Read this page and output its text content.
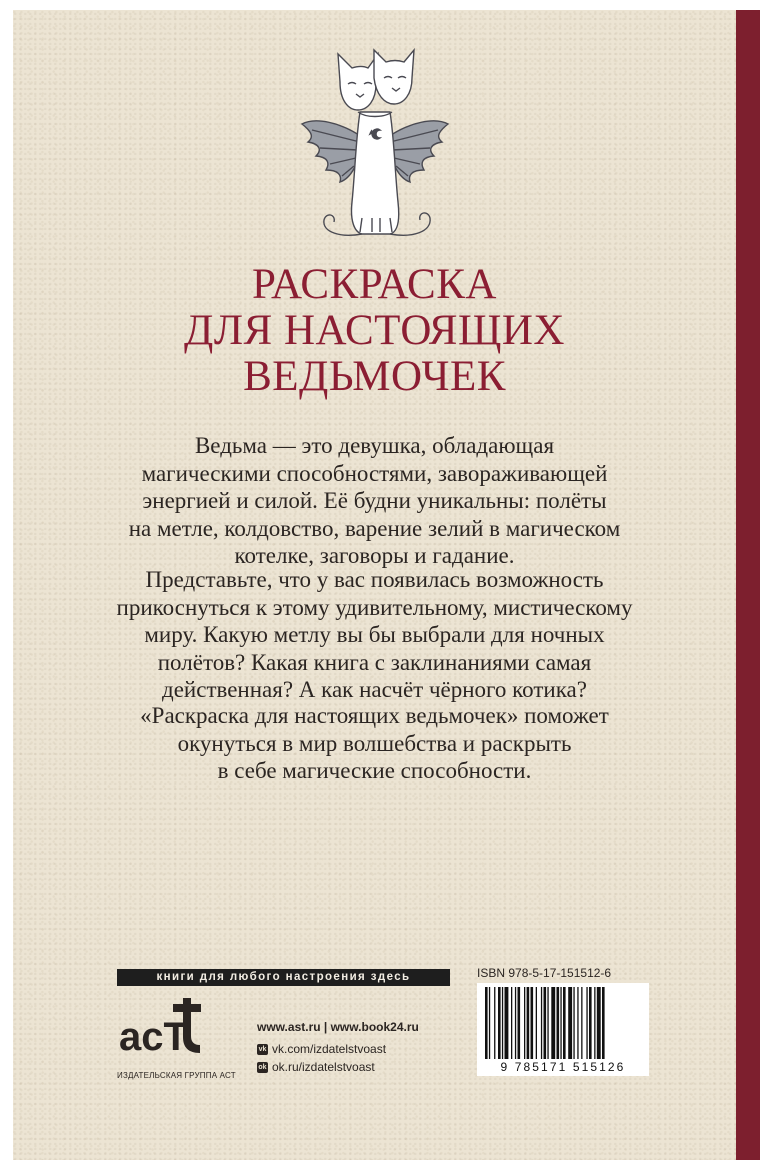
РАСКРАСКА
ДЛЯ НАСТОЯЩИХ
ВЕДЬМОЧЕК
Ведьма — это девушка, обладающая
магическими способностями, завораживающей
энергией и силой. Её будни уникальны: полёты
на метле, колдовство, варение зелий в магическом
котелке, заговоры и гадание.
Представьте, что у вас появилась возможность
прикоснуться к этому удивительному, мистическому
миру. Какую метлу вы бы выбрали для ночных
полётов? Какая книга с заклинаниями самая
действенная? А как насчёт чёрного котика?
«Раскраска для настоящих ведьмочек» поможет
окунуться в мир волшебства и раскрыть
в себе магические способности.
книги для любого настроения здесь
acT
ИЗДАТЕЛЬСКАЯ ГРУППА АСТ
www.ast.ru | www.book24.ru
vk vk.com/izdatelstvoast
ok ok.ru/izdatelstvoast
ISBN 978-5-17-151512-6
9 785171 515126
